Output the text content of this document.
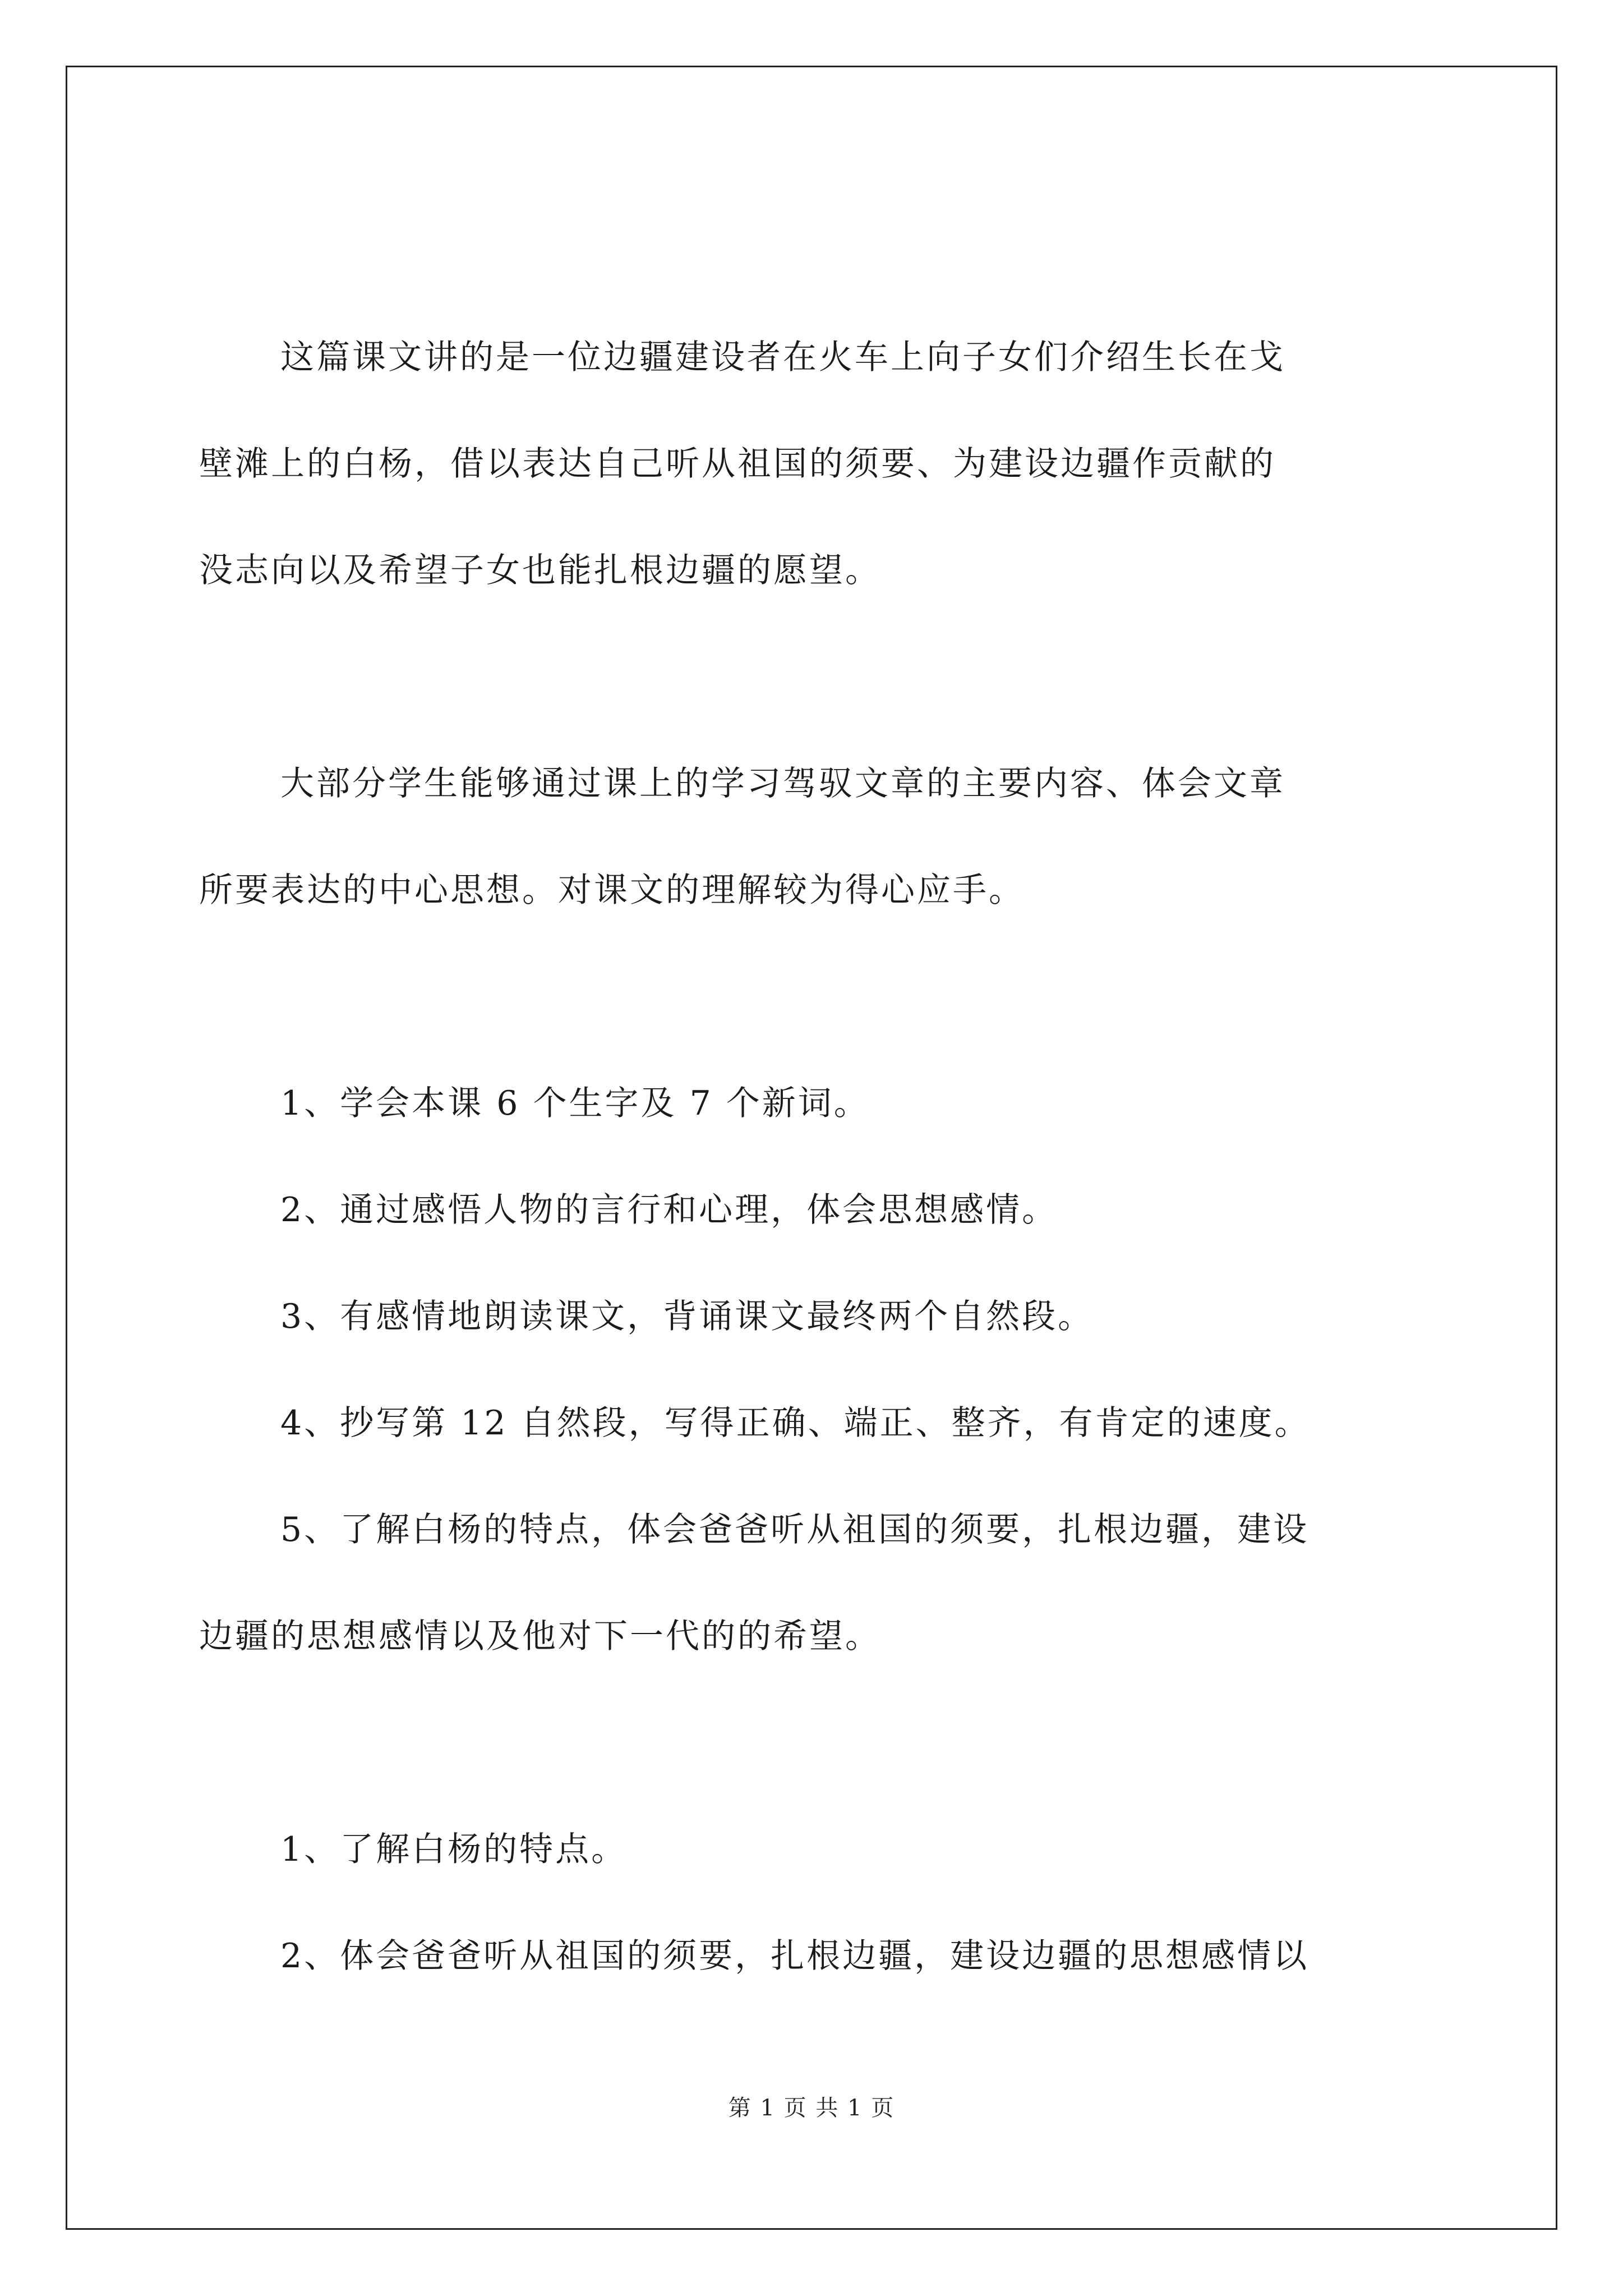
这篇课文讲的是一位边疆建设者在火车上向子女们介绍生长在戈
壁滩上的白杨，借以表达自己听从祖国的须要、为建设边疆作贡献的
没志向以及希望子女也能扎根边疆的愿望。
大部分学生能够通过课上的学习驾驭文章的主要内容、体会文章
所要表达的中心思想。对课文的理解较为得心应手。
1、学会本课 6 个生字及 7 个新词。
2、通过感悟人物的言行和心理，体会思想感情。
3、有感情地朗读课文，背诵课文最终两个自然段。
4、抄写第 12 自然段，写得正确、端正、整齐，有肯定的速度。
5、了解白杨的特点，体会爸爸听从祖国的须要，扎根边疆，建设
边疆的思想感情以及他对下一代的的希望。
1、了解白杨的特点。
2、体会爸爸听从祖国的须要，扎根边疆，建设边疆的思想感情以
第 1 页 共 1 页
